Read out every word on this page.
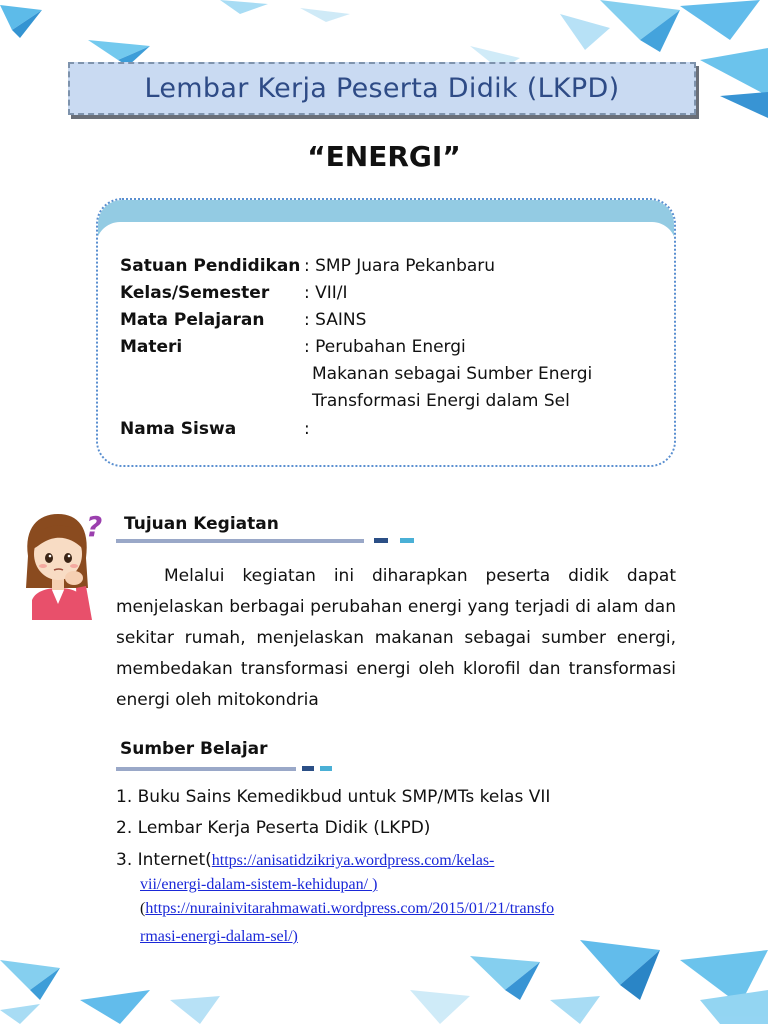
Lembar Kerja Peserta Didik (LKPD)
“ENERGI”
Satuan Pendidikan : SMP Juara Pekanbaru
Kelas/Semester : VII/I
Mata Pelajaran : SAINS
Materi	: Perubahan Energi
Makanan sebagai Sumber Energi
Transformasi Energi dalam Sel
Nama Siswa	:
? Tujuan Kegiatan
Melalui kegiatan ini diharapkan peserta didik dapat menjelaskan berbagai perubahan energi yang terjadi di alam dan sekitar rumah, menjelaskan makanan sebagai sumber energi, membedakan transformasi energi oleh klorofil dan transformasi energi oleh mitokondria
Sumber Belajar
1. Buku Sains Kemedikbud untuk SMP/MTs kelas VII
2. Lembar Kerja Peserta Didik (LKPD)
3. Internet(https://anisatidzikriya.wordpress.com/kelas-
vii/energi-dalam-sistem-kehidupan/ )
(https://nurainivitarahmawati.wordpress.com/2015/01/21/transfo
rmasi-energi-dalam-sel/)
